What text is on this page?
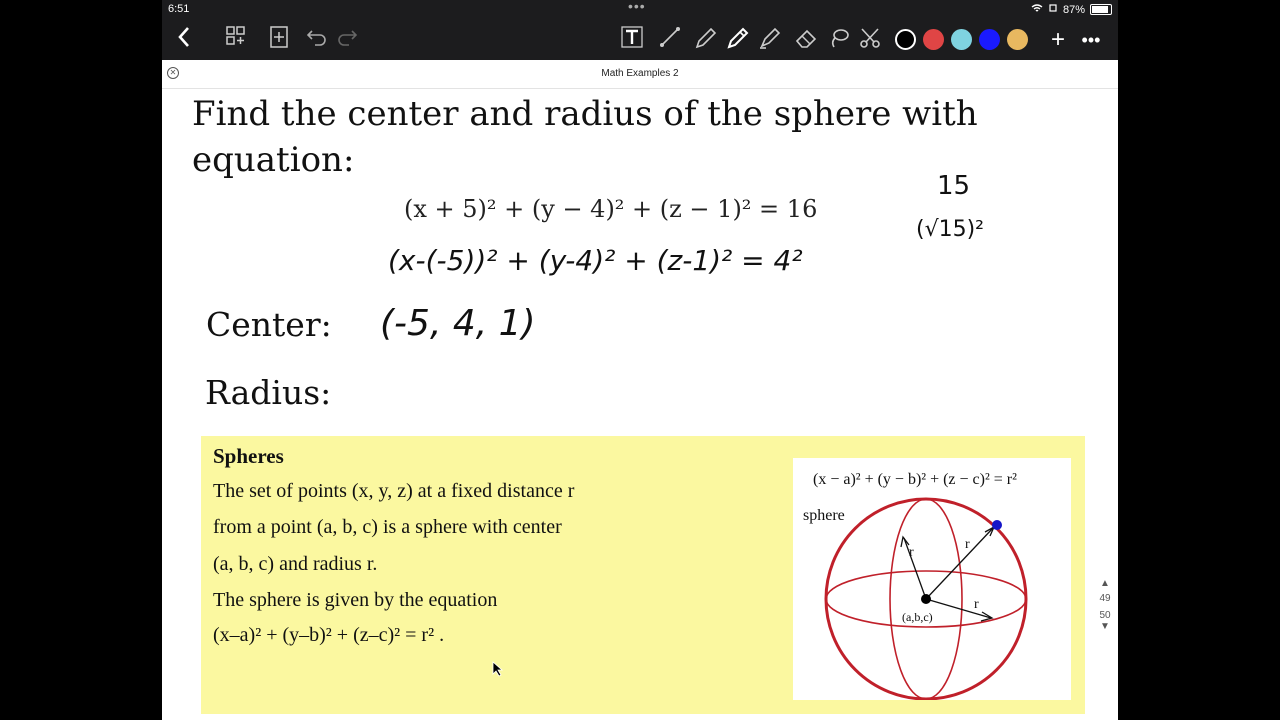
6:51	•••	87%
+ •••
✕	Math Examples 2
Find the center and radius of the sphere with equation:
(x + 5)² + (y − 4)² + (z − 1)² = 16
(x-(-5))² + (y-4)² + (z-1)² = 4²
15
(√15)²
Center: (-5, 4, 1)
Radius:
Spheres
The set of points (x, y, z) at a fixed distance r
from a point (a, b, c) is a sphere with center
(a, b, c) and radius r.
The sphere is given by the equation
(x–a)² + (y–b)² + (z–c)² = r² .
(x − a)² + (y − b)² + (z − c)² = r²
sphere
r
r
r
(a,b,c)
▲
49
50
▼
